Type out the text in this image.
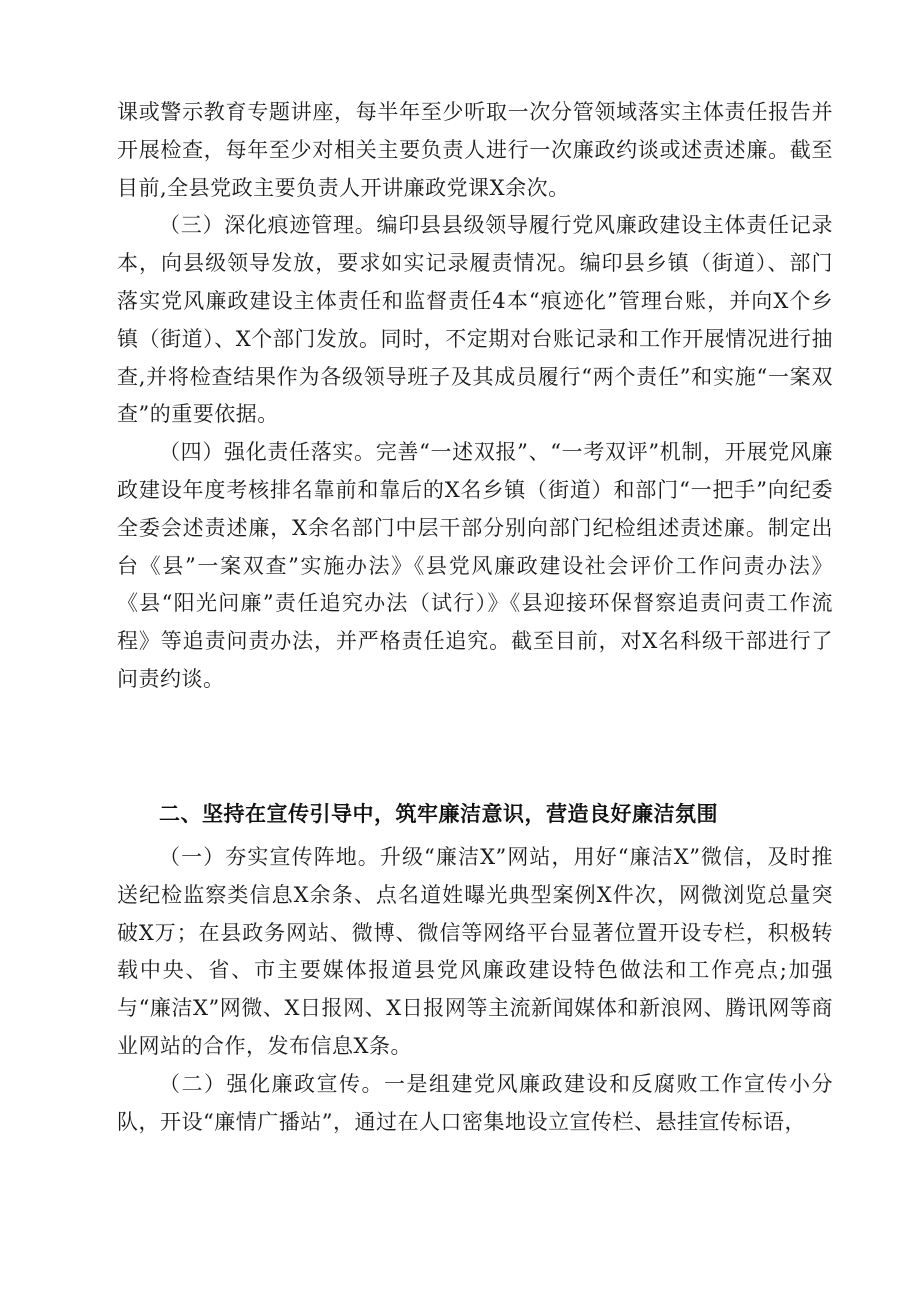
课或警示教育专题讲座，每半年至少听取一次分管领域落实主体责任报告并开展检查，每年至少对相关主要负责人进行一次廉政约谈或述责述廉。截至目前,全县党政主要负责人开讲廉政党课X余次。

（三）深化痕迹管理。编印县县级领导履行党风廉政建设主体责任记录本，向县级领导发放，要求如实记录履责情况。编印县乡镇（街道）、部门落实党风廉政建设主体责任和监督责任4本“痕迹化”管理台账，并向X个乡镇（街道）、X个部门发放。同时，不定期对台账记录和工作开展情况进行抽查,并将检查结果作为各级领导班子及其成员履行“两个责任”和实施“一案双查”的重要依据。

（四）强化责任落实。完善“一述双报”、“一考双评”机制，开展党风廉政建设年度考核排名靠前和靠后的X名乡镇（街道）和部门“一把手”向纪委全委会述责述廉，X余名部门中层干部分别向部门纪检组述责述廉。制定出台《县”一案双查”实施办法》《县党风廉政建设社会评价工作问责办法》《县“阳光问廉”责任追究办法（试行）》《县迎接环保督察追责问责工作流程》等追责问责办法，并严格责任追究。截至目前，对X名科级干部进行了问责约谈。

二、坚持在宣传引导中，筑牢廉洁意识，营造良好廉洁氛围

（一）夯实宣传阵地。升级“廉洁X”网站，用好“廉洁X”微信，及时推送纪检监察类信息X余条、点名道姓曝光典型案例X件次，网微浏览总量突破X万；在县政务网站、微博、微信等网络平台显著位置开设专栏，积极转载中央、省、市主要媒体报道县党风廉政建设特色做法和工作亮点;加强与“廉洁X”网微、X日报网、X日报网等主流新闻媒体和新浪网、腾讯网等商业网站的合作，发布信息X条。

（二）强化廉政宣传。一是组建党风廉政建设和反腐败工作宣传小分队，开设“廉情广播站”，通过在人口密集地设立宣传栏、悬挂宣传标语，
